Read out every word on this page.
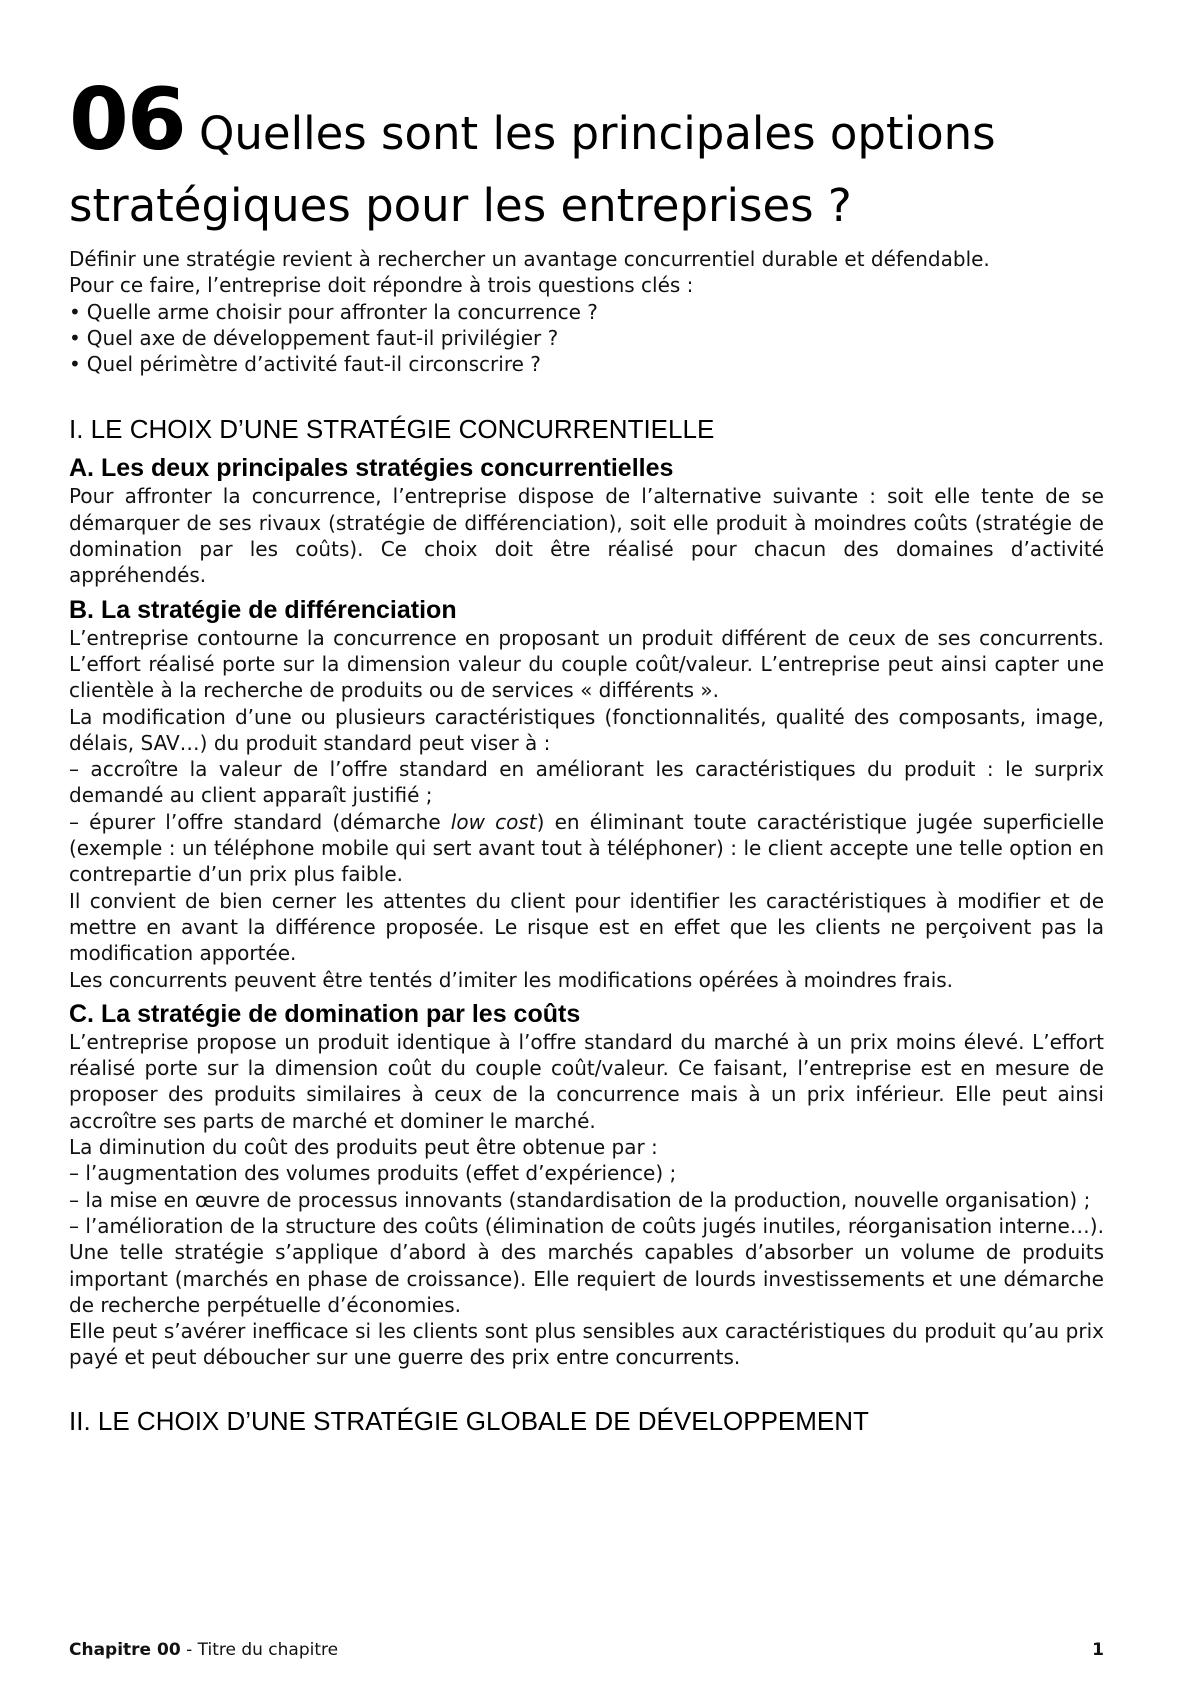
06 Quelles sont les principales options stratégiques pour les entreprises ?

Définir une stratégie revient à rechercher un avantage concurrentiel durable et défendable.

Pour ce faire, l’entreprise doit répondre à trois questions clés :

• Quelle arme choisir pour affronter la concurrence ?
• Quel axe de développement faut-il privilégier ?
• Quel périmètre d’activité faut-il circonscrire ?
I. LE CHOIX D’UNE STRATÉGIE CONCURRENTIELLE
A. Les deux principales stratégies concurrentielles

Pour affronter la concurrence, l’entreprise dispose de l’alternative suivante : soit elle tente de se démarquer de ses rivaux (stratégie de différenciation), soit elle produit à moindres coûts (stratégie de domination par les coûts). Ce choix doit être réalisé pour chacun des domaines d’activité appréhendés.

B. La stratégie de différenciation

L’entreprise contourne la concurrence en proposant un produit différent de ceux de ses concurrents. L’effort réalisé porte sur la dimension valeur du couple coût/valeur. L’entreprise peut ainsi capter une clientèle à la recherche de produits ou de services « différents ».

La modification d’une ou plusieurs caractéristiques (fonctionnalités, qualité des composants, image, délais, SAV…) du produit standard peut viser à :

– accroître la valeur de l’offre standard en améliorant les caractéristiques du produit : le surprix demandé au client apparaît justifié ;

– épurer l’offre standard (démarche low cost) en éliminant toute caractéristique jugée superficielle (exemple : un téléphone mobile qui sert avant tout à téléphoner) : le client accepte une telle option en contrepartie d’un prix plus faible.

Il convient de bien cerner les attentes du client pour identifier les caractéristiques à modifier et de mettre en avant la différence proposée. Le risque est en effet que les clients ne perçoivent pas la modification apportée.

Les concurrents peuvent être tentés d’imiter les modifications opérées à moindres frais.

C. La stratégie de domination par les coûts

L’entreprise propose un produit identique à l’offre standard du marché à un prix moins élevé. L’effort réalisé porte sur la dimension coût du couple coût/valeur. Ce faisant, l’entreprise est en mesure de proposer des produits similaires à ceux de la concurrence mais à un prix inférieur. Elle peut ainsi accroître ses parts de marché et dominer le marché.

La diminution du coût des produits peut être obtenue par :

– l’augmentation des volumes produits (effet d’expérience) ;

– la mise en œuvre de processus innovants (standardisation de la production, nouvelle organisation) ;

– l’amélioration de la structure des coûts (élimination de coûts jugés inutiles, réorganisation interne…).

Une telle stratégie s’applique d’abord à des marchés capables d’absorber un volume de produits important (marchés en phase de croissance). Elle requiert de lourds investissements et une démarche de recherche perpétuelle d’économies.

Elle peut s’avérer inefficace si les clients sont plus sensibles aux caractéristiques du produit qu’au prix payé et peut déboucher sur une guerre des prix entre concurrents.

II. LE CHOIX D’UNE STRATÉGIE GLOBALE DE DÉVELOPPEMENT
Chapitre 00 - Titre du chapitre	1
